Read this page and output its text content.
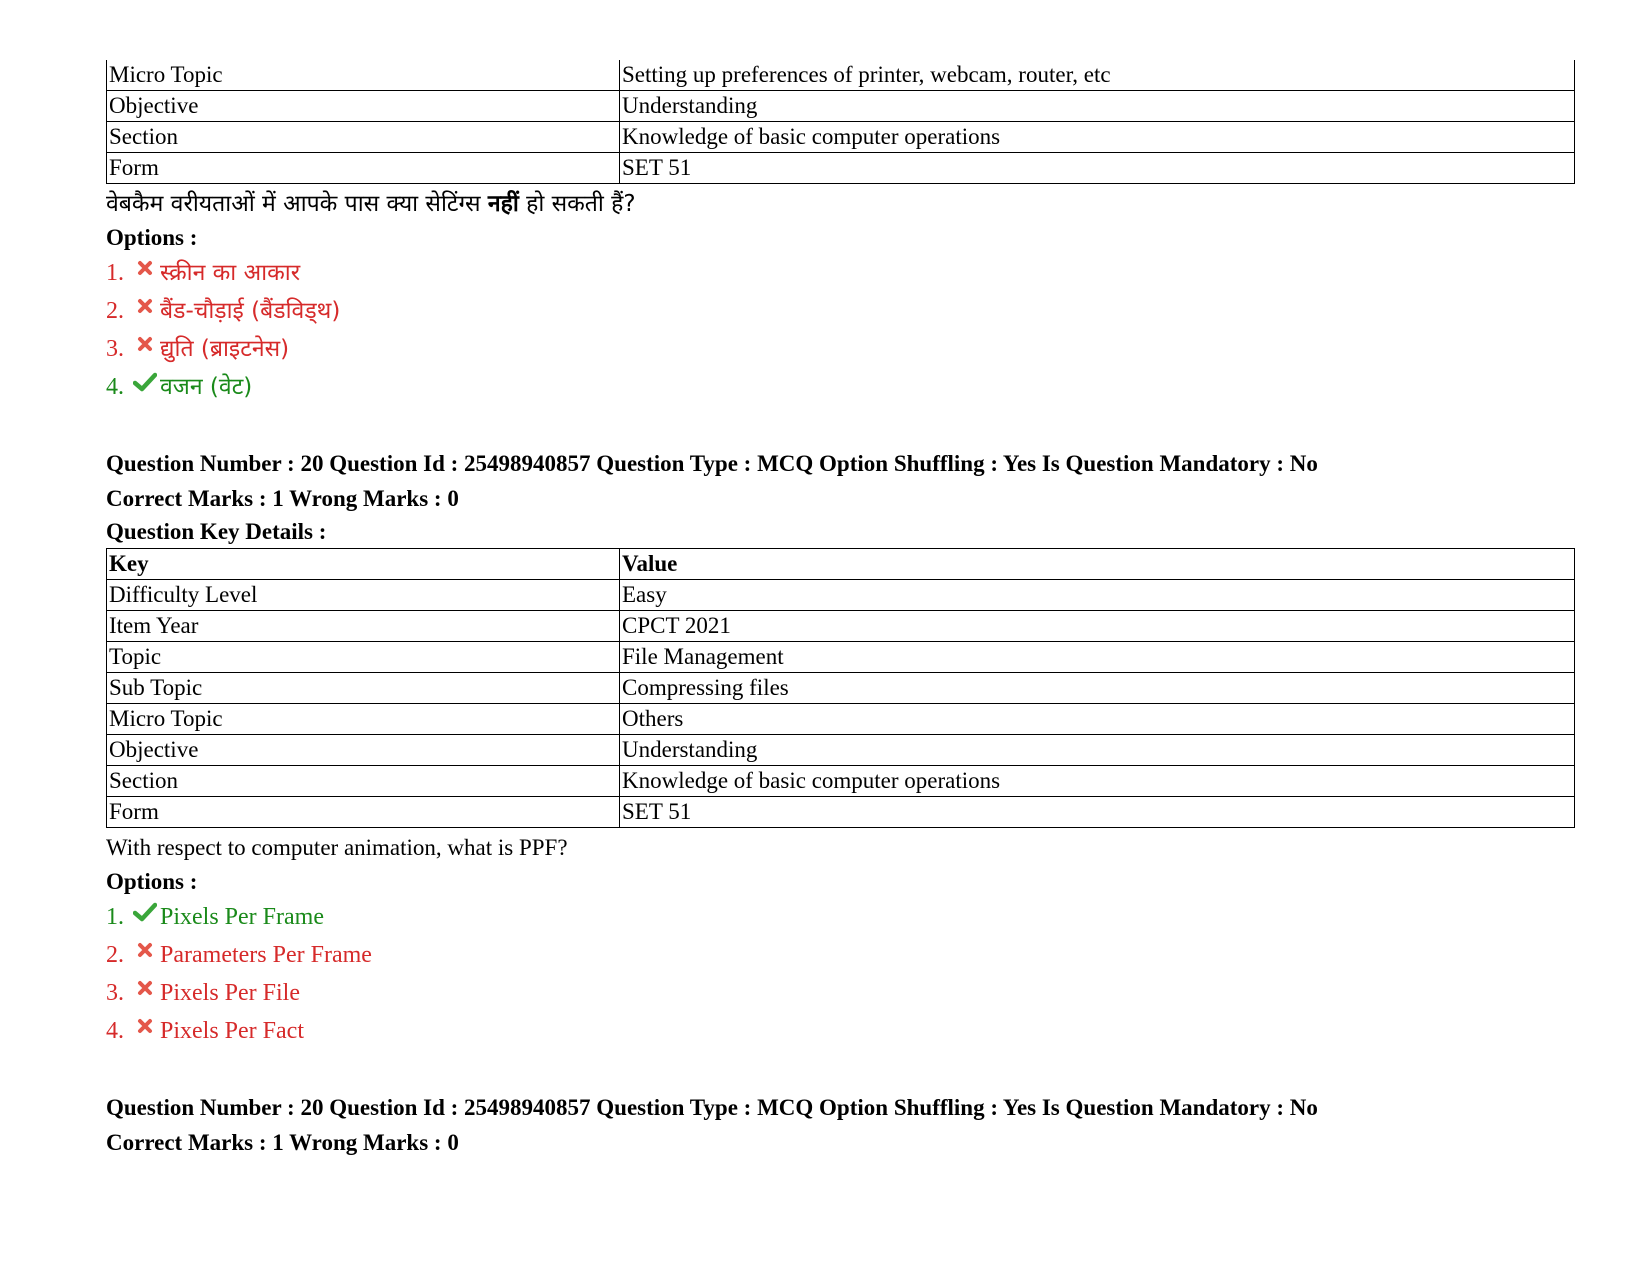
Micro Topic	Setting up preferences of printer, webcam, router, etc
Objective	Understanding
Section	Knowledge of basic computer operations
Form	SET 51
वेबकैम वरीयताओं में आपके पास क्या सेटिंग्स नहीं हो सकती हैं?
Options :
1. स्क्रीन का आकार
2. बैंड-चौड़ाई (बैंडविड्थ)
3. द्युति (ब्राइटनेस)
4. वजन (वेट)
Question Number : 20 Question Id : 25498940857 Question Type : MCQ Option Shuffling : Yes Is Question Mandatory : No
Correct Marks : 1 Wrong Marks : 0
Question Key Details :
Key	Value
Difficulty Level	Easy
Item Year	CPCT 2021
Topic	File Management
Sub Topic	Compressing files
Micro Topic	Others
Objective	Understanding
Section	Knowledge of basic computer operations
Form	SET 51
With respect to computer animation, what is PPF?
Options :
1. Pixels Per Frame
2. Parameters Per Frame
3. Pixels Per File
4. Pixels Per Fact
Question Number : 20 Question Id : 25498940857 Question Type : MCQ Option Shuffling : Yes Is Question Mandatory : No
Correct Marks : 1 Wrong Marks : 0
